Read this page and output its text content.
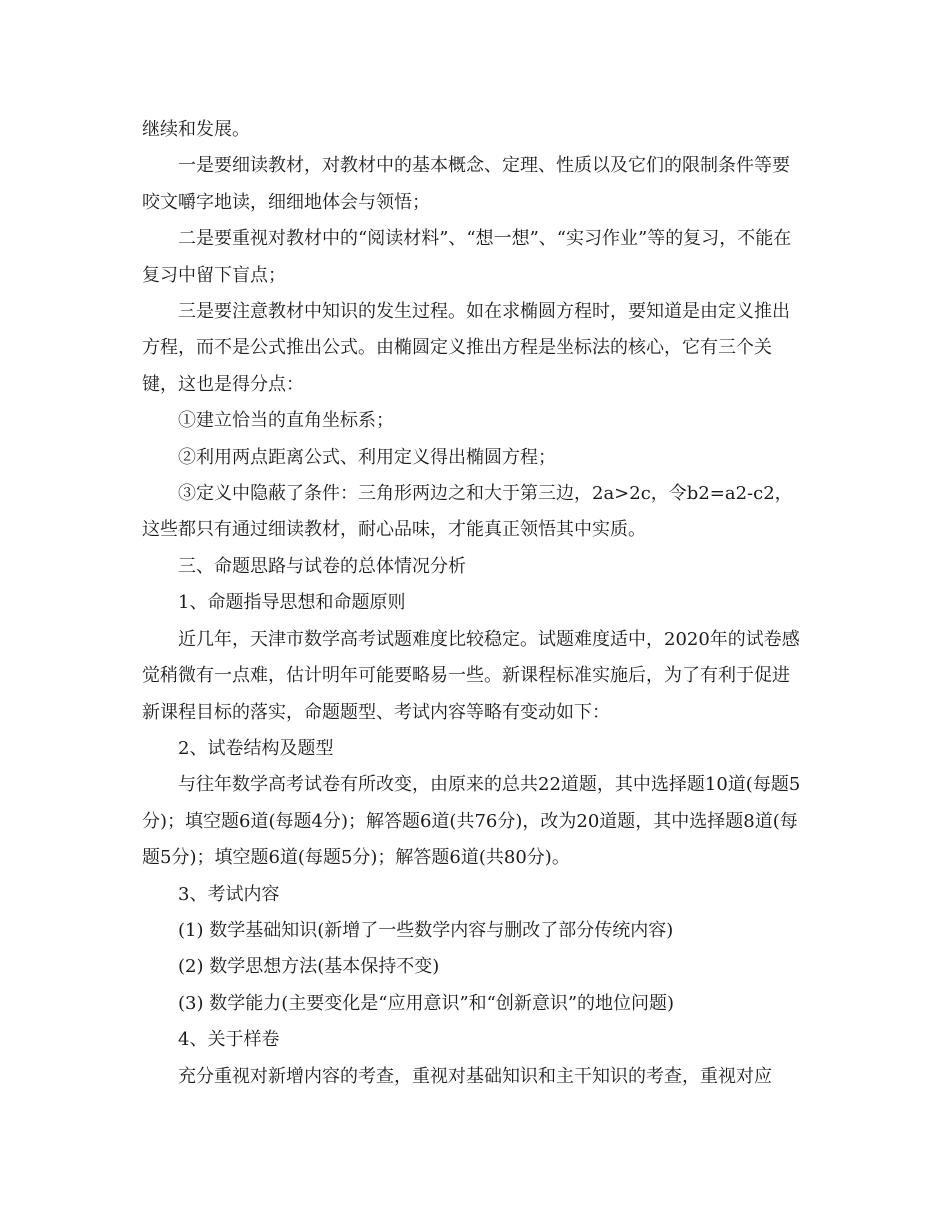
继续和发展。

一是要细读教材，对教材中的基本概念、定理、性质以及它们的限制条件等要咬文嚼字地读，细细地体会与领悟；

二是要重视对教材中的“阅读材料”、“想一想”、“实习作业”等的复习，不能在复习中留下盲点；

三是要注意教材中知识的发生过程。如在求椭圆方程时，要知道是由定义推出方程，而不是公式推出公式。由椭圆定义推出方程是坐标法的核心，它有三个关键，这也是得分点：

①建立恰当的直角坐标系；

②利用两点距离公式、利用定义得出椭圆方程；

③定义中隐蔽了条件：三角形两边之和大于第三边，2a>2c，令b2=a2-c2，这些都只有通过细读教材，耐心品味，才能真正领悟其中实质。

三、命题思路与试卷的总体情况分析

1、命题指导思想和命题原则

近几年，天津市数学高考试题难度比较稳定。试题难度适中，2020年的试卷感觉稍微有一点难，估计明年可能要略易一些。新课程标准实施后，为了有利于促进新课程目标的落实，命题题型、考试内容等略有变动如下：

2、试卷结构及题型

与往年数学高考试卷有所改变，由原来的总共22道题，其中选择题10道(每题5分)；填空题6道(每题4分)；解答题6道(共76分)，改为20道题，其中选择题8道(每题5分)；填空题6道(每题5分)；解答题6道(共80分)。

3、考试内容

(1) 数学基础知识(新增了一些数学内容与删改了部分传统内容)

(2) 数学思想方法(基本保持不变)

(3) 数学能力(主要变化是“应用意识”和“创新意识”的地位问题)

4、关于样卷

充分重视对新增内容的考查，重视对基础知识和主干知识的考查，重视对应
